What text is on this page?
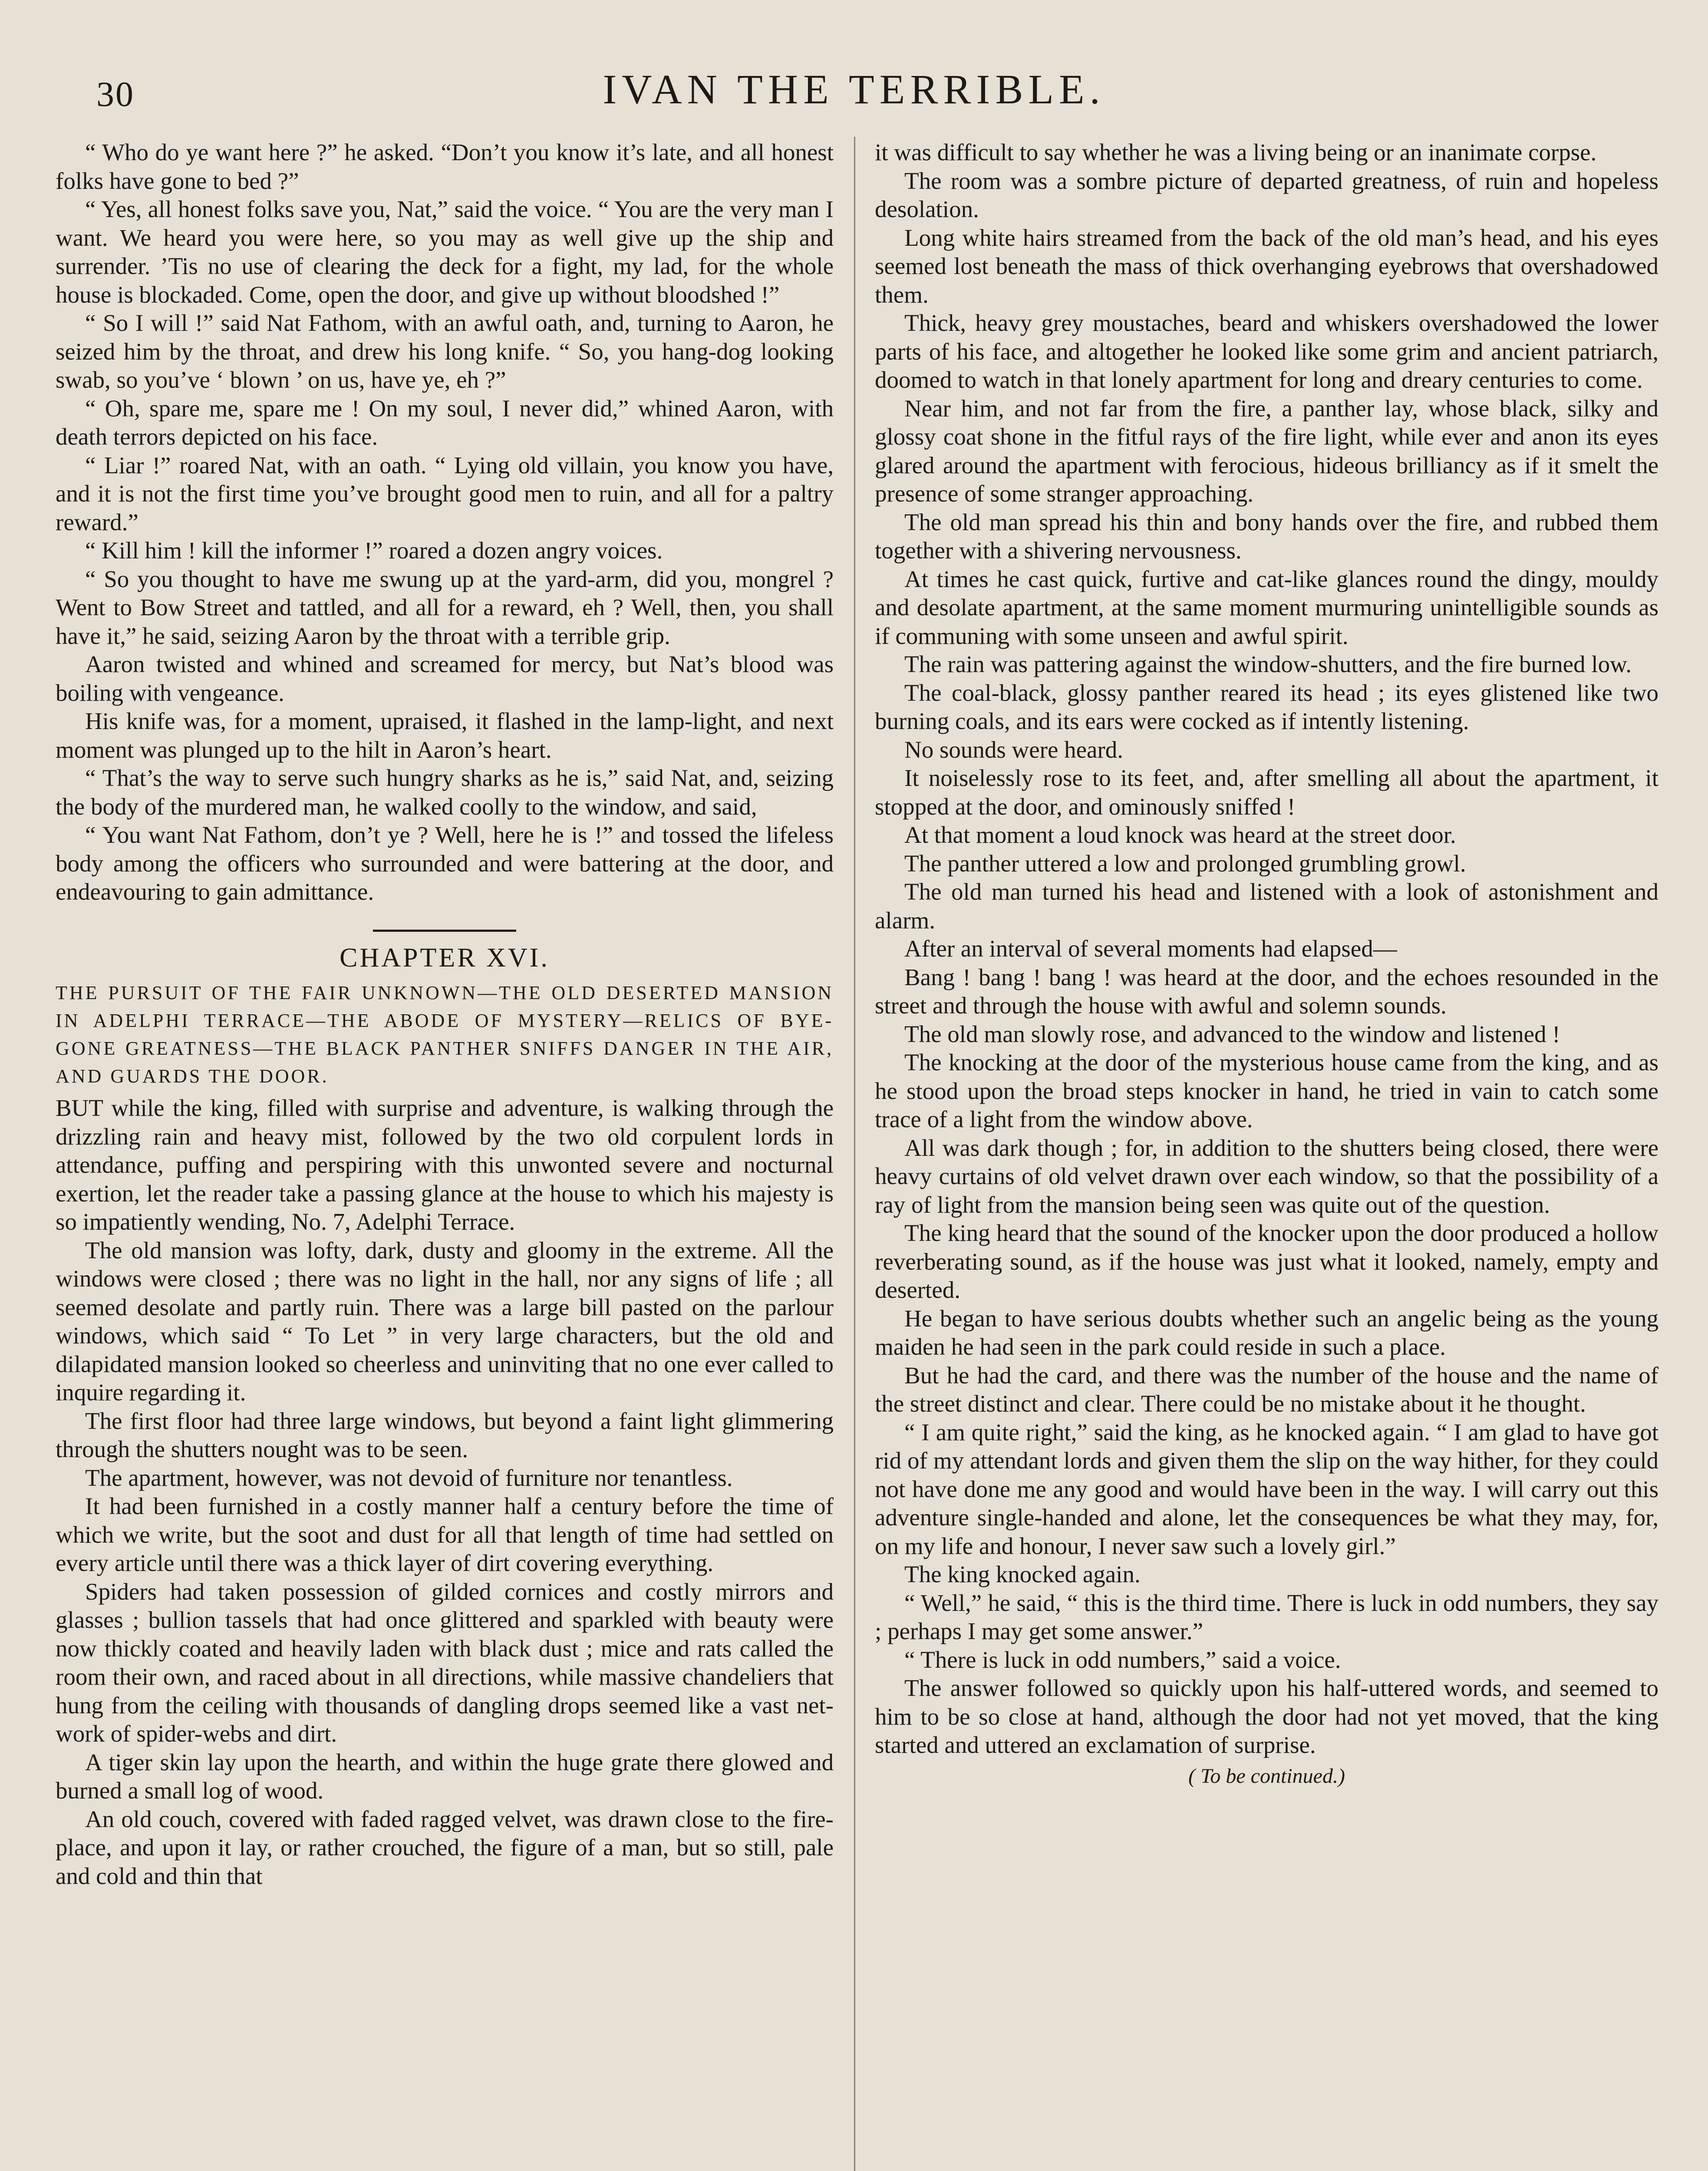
30	IVAN THE TERRIBLE.

“ Who do ye want here ?” he asked. “Don’t you know it’s late, and all honest folks have gone to bed ?”

“ Yes, all honest folks save you, Nat,” said the voice. “ You are the very man I want. We heard you were here, so you may as well give up the ship and surrender. ’Tis no use of clearing the deck for a fight, my lad, for the whole house is blockaded. Come, open the door, and give up without bloodshed !”

“ So I will !” said Nat Fathom, with an awful oath, and, turning to Aaron, he seized him by the throat, and drew his long knife. “ So, you hang-dog looking swab, so you’ve ‘ blown ’ on us, have ye, eh ?”

“ Oh, spare me, spare me ! On my soul, I never did,” whined Aaron, with death terrors depicted on his face.

“ Liar !” roared Nat, with an oath. “ Lying old villain, you know you have, and it is not the first time you’ve brought good men to ruin, and all for a paltry reward.”

“ Kill him ! kill the informer !” roared a dozen angry voices.

“ So you thought to have me swung up at the yard-arm, did you, mongrel ? Went to Bow Street and tattled, and all for a reward, eh ? Well, then, you shall have it,” he said, seizing Aaron by the throat with a terrible grip.

Aaron twisted and whined and screamed for mercy, but Nat’s blood was boiling with vengeance.

His knife was, for a moment, upraised, it flashed in the lamp-light, and next moment was plunged up to the hilt in Aaron’s heart.

“ That’s the way to serve such hungry sharks as he is,” said Nat, and, seizing the body of the murdered man, he walked coolly to the window, and said,

“ You want Nat Fathom, don’t ye ? Well, here he is !” and tossed the lifeless body among the officers who surrounded and were battering at the door, and endeavouring to gain admittance.

CHAPTER XVI.

THE PURSUIT OF THE FAIR UNKNOWN—THE OLD DESERTED MANSION IN ADELPHI TERRACE—THE ABODE OF MYSTERY—RELICS OF BYE-GONE GREATNESS—THE BLACK PANTHER SNIFFS DANGER IN THE AIR, AND GUARDS THE DOOR.

BUT while the king, filled with surprise and adventure, is walking through the drizzling rain and heavy mist, followed by the two old corpulent lords in attendance, puffing and perspiring with this unwonted severe and nocturnal exertion, let the reader take a passing glance at the house to which his majesty is so impatiently wending, No. 7, Adelphi Terrace.

The old mansion was lofty, dark, dusty and gloomy in the extreme. All the windows were closed ; there was no light in the hall, nor any signs of life ; all seemed desolate and partly ruin. There was a large bill pasted on the parlour windows, which said “ To Let ” in very large characters, but the old and dilapidated mansion looked so cheerless and uninviting that no one ever called to inquire regarding it.

The first floor had three large windows, but beyond a faint light glimmering through the shutters nought was to be seen.

The apartment, however, was not devoid of furniture nor tenantless.

It had been furnished in a costly manner half a century before the time of which we write, but the soot and dust for all that length of time had settled on every article until there was a thick layer of dirt covering everything.

Spiders had taken possession of gilded cornices and costly mirrors and glasses ; bullion tassels that had once glittered and sparkled with beauty were now thickly coated and heavily laden with black dust ; mice and rats called the room their own, and raced about in all directions, while massive chandeliers that hung from the ceiling with thousands of dangling drops seemed like a vast net-work of spider-webs and dirt.

A tiger skin lay upon the hearth, and within the huge grate there glowed and burned a small log of wood.

An old couch, covered with faded ragged velvet, was drawn close to the fire-place, and upon it lay, or rather crouched, the figure of a man, but so still, pale and cold and thin that

it was difficult to say whether he was a living being or an inanimate corpse.

The room was a sombre picture of departed greatness, of ruin and hopeless desolation.

Long white hairs streamed from the back of the old man’s head, and his eyes seemed lost beneath the mass of thick overhanging eyebrows that overshadowed them.

Thick, heavy grey moustaches, beard and whiskers overshadowed the lower parts of his face, and altogether he looked like some grim and ancient patriarch, doomed to watch in that lonely apartment for long and dreary centuries to come.

Near him, and not far from the fire, a panther lay, whose black, silky and glossy coat shone in the fitful rays of the fire light, while ever and anon its eyes glared around the apartment with ferocious, hideous brilliancy as if it smelt the presence of some stranger approaching.

The old man spread his thin and bony hands over the fire, and rubbed them together with a shivering nervousness.

At times he cast quick, furtive and cat-like glances round the dingy, mouldy and desolate apartment, at the same moment murmuring unintelligible sounds as if communing with some unseen and awful spirit.

The rain was pattering against the window-shutters, and the fire burned low.

The coal-black, glossy panther reared its head ; its eyes glistened like two burning coals, and its ears were cocked as if intently listening.

No sounds were heard.

It noiselessly rose to its feet, and, after smelling all about the apartment, it stopped at the door, and ominously sniffed !

At that moment a loud knock was heard at the street door.

The panther uttered a low and prolonged grumbling growl.

The old man turned his head and listened with a look of astonishment and alarm.

After an interval of several moments had elapsed—

Bang ! bang ! bang ! was heard at the door, and the echoes resounded in the street and through the house with awful and solemn sounds.

The old man slowly rose, and advanced to the window and listened !

The knocking at the door of the mysterious house came from the king, and as he stood upon the broad steps knocker in hand, he tried in vain to catch some trace of a light from the window above.

All was dark though ; for, in addition to the shutters being closed, there were heavy curtains of old velvet drawn over each window, so that the possibility of a ray of light from the mansion being seen was quite out of the question.

The king heard that the sound of the knocker upon the door produced a hollow reverberating sound, as if the house was just what it looked, namely, empty and deserted.

He began to have serious doubts whether such an angelic being as the young maiden he had seen in the park could reside in such a place.

But he had the card, and there was the number of the house and the name of the street distinct and clear. There could be no mistake about it he thought.

“ I am quite right,” said the king, as he knocked again. “ I am glad to have got rid of my attendant lords and given them the slip on the way hither, for they could not have done me any good and would have been in the way. I will carry out this adventure single-handed and alone, let the consequences be what they may, for, on my life and honour, I never saw such a lovely girl.”

The king knocked again.

“ Well,” he said, “ this is the third time. There is luck in odd numbers, they say ; perhaps I may get some answer.”

“ There is luck in odd numbers,” said a voice.

The answer followed so quickly upon his half-uttered words, and seemed to him to be so close at hand, although the door had not yet moved, that the king started and uttered an exclamation of surprise.

( To be continued.)
